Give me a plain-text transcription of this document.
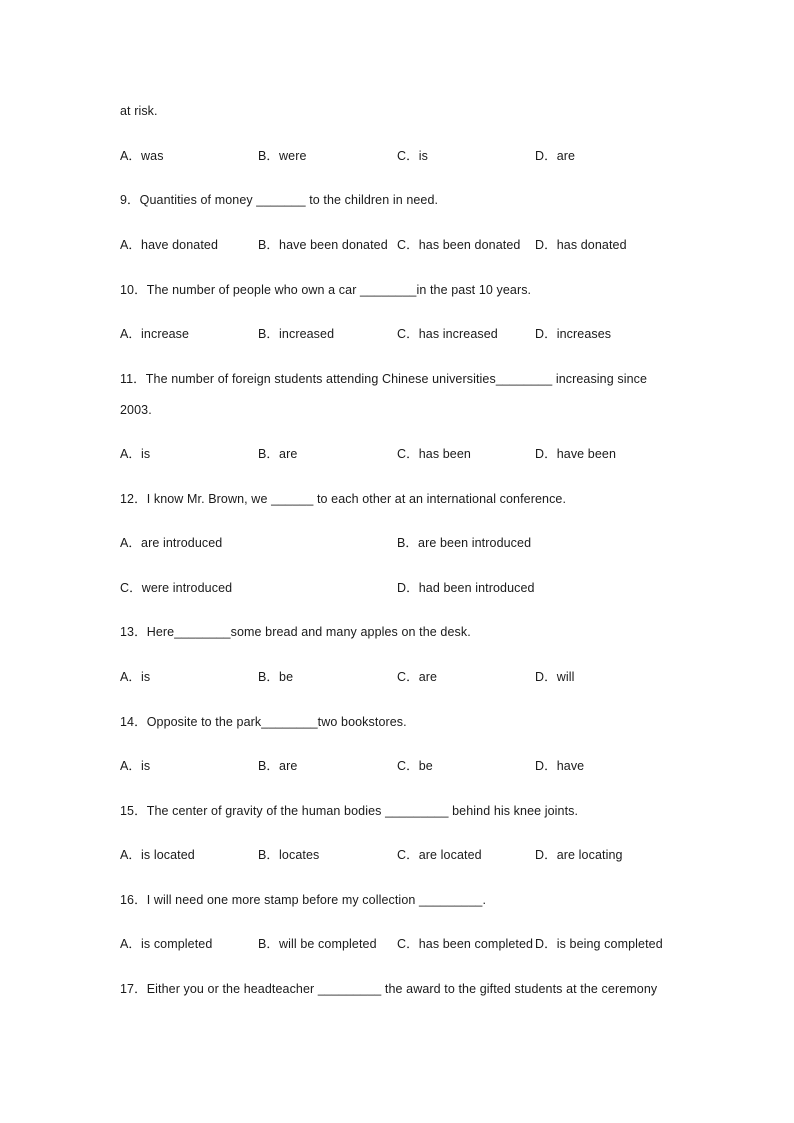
at risk.
A．was	B．were	C．is	D．are
9．Quantities of money _______ to the children in need.
A．have donated	B．have been donated C．has been donated D．has donated
10．The number of people who own a car ________in the past 10 years.
A．increase	B．increased	C．has increased	D．increases
11．The number of foreign students attending Chinese universities________ increasing since
2003.
A．is	B．are	C．has been	D．have been
12．I know Mr. Brown, we ______ to each other at an international conference.
A．are introduced	B．are been introduced
C．were introduced	D．had been introduced
13．Here________some bread and many apples on the desk.
A．is	B．be	C．are	D．will
14．Opposite to the park________two bookstores.
A．is	B．are	C．be	D．have
15．The center of gravity of the human bodies _________ behind his knee joints.
A．is located	B．locates	C．are located	D．are locating
16．I will need one more stamp before my collection _________.
A．is completed	B．will be completed C．has been completed D．is being completed
17．Either you or the headteacher _________ the award to the gifted students at the ceremony
